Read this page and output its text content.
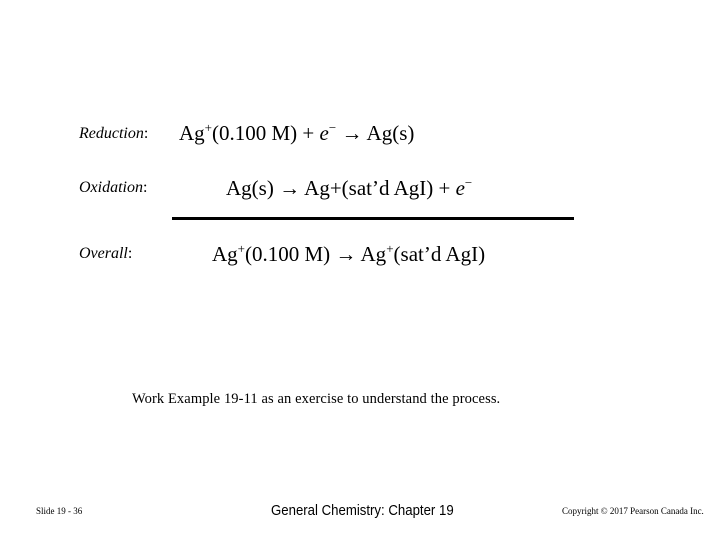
Reduction: Ag+(0.100 M) + e− → Ag(s)
Oxidation:	Ag(s) → Ag+(sat’d AgI) + e−
Overall:	Ag+(0.100 M) → Ag+(sat’d AgI)
Work Example 19-11 as an exercise to understand the process.
Slide 19 - 36	General Chemistry: Chapter 19	Copyright © 2017 Pearson Canada Inc.
